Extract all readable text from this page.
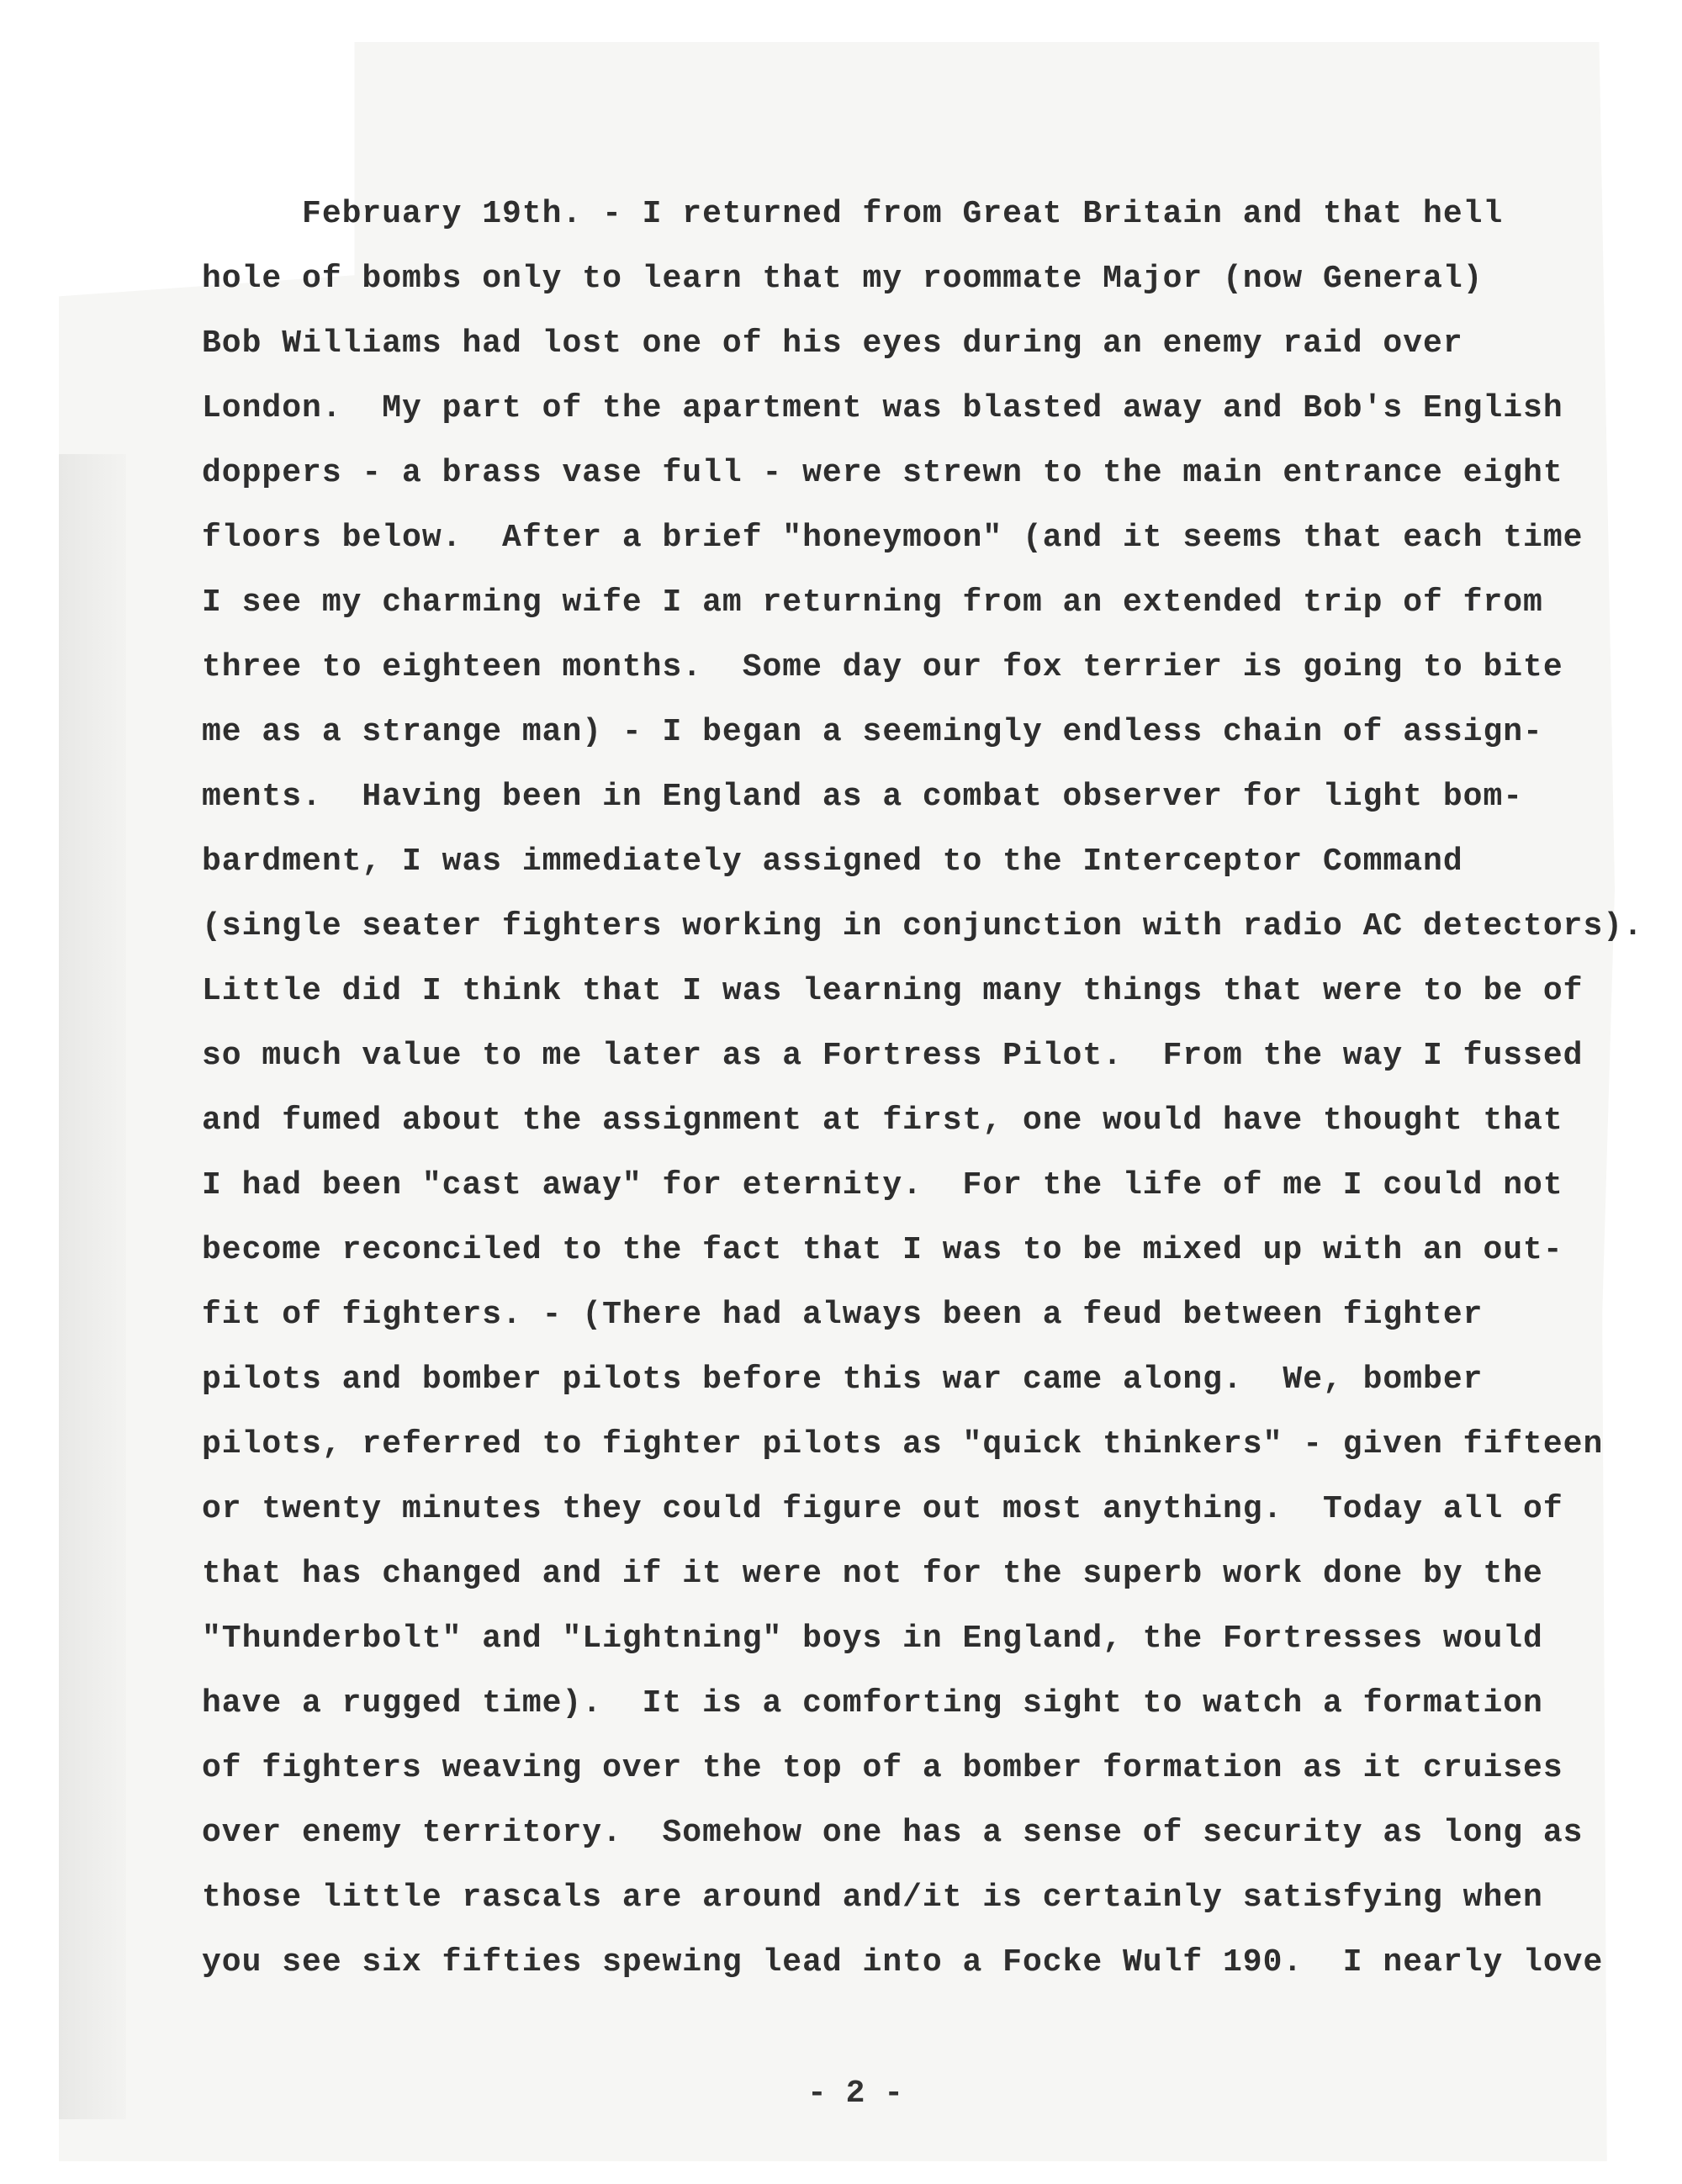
February 19th. - I returned from Great Britain and that hell
hole of bombs only to learn that my roommate Major (now General)
Bob Williams had lost one of his eyes during an enemy raid over
London.  My part of the apartment was blasted away and Bob's English
doppers - a brass vase full - were strewn to the main entrance eight
floors below.  After a brief "honeymoon" (and it seems that each time
I see my charming wife I am returning from an extended trip of from
three to eighteen months.  Some day our fox terrier is going to bite
me as a strange man) - I began a seemingly endless chain of assign-
ments.  Having been in England as a combat observer for light bom-
bardment, I was immediately assigned to the Interceptor Command
(single seater fighters working in conjunction with radio AC detectors).
Little did I think that I was learning many things that were to be of
so much value to me later as a Fortress Pilot.  From the way I fussed
and fumed about the assignment at first, one would have thought that
I had been "cast away" for eternity.  For the life of me I could not
become reconciled to the fact that I was to be mixed up with an out-
fit of fighters. - (There had always been a feud between fighter
pilots and bomber pilots before this war came along.  We, bomber
pilots, referred to fighter pilots as "quick thinkers" - given fifteen
or twenty minutes they could figure out most anything.  Today all of
that has changed and if it were not for the superb work done by the
"Thunderbolt" and "Lightning" boys in England, the Fortresses would
have a rugged time).  It is a comforting sight to watch a formation
of fighters weaving over the top of a bomber formation as it cruises
over enemy territory.  Somehow one has a sense of security as long as
those little rascals are around and/it is certainly satisfying when
you see six fifties spewing lead into a Focke Wulf 190.  I nearly love
- 2 -
